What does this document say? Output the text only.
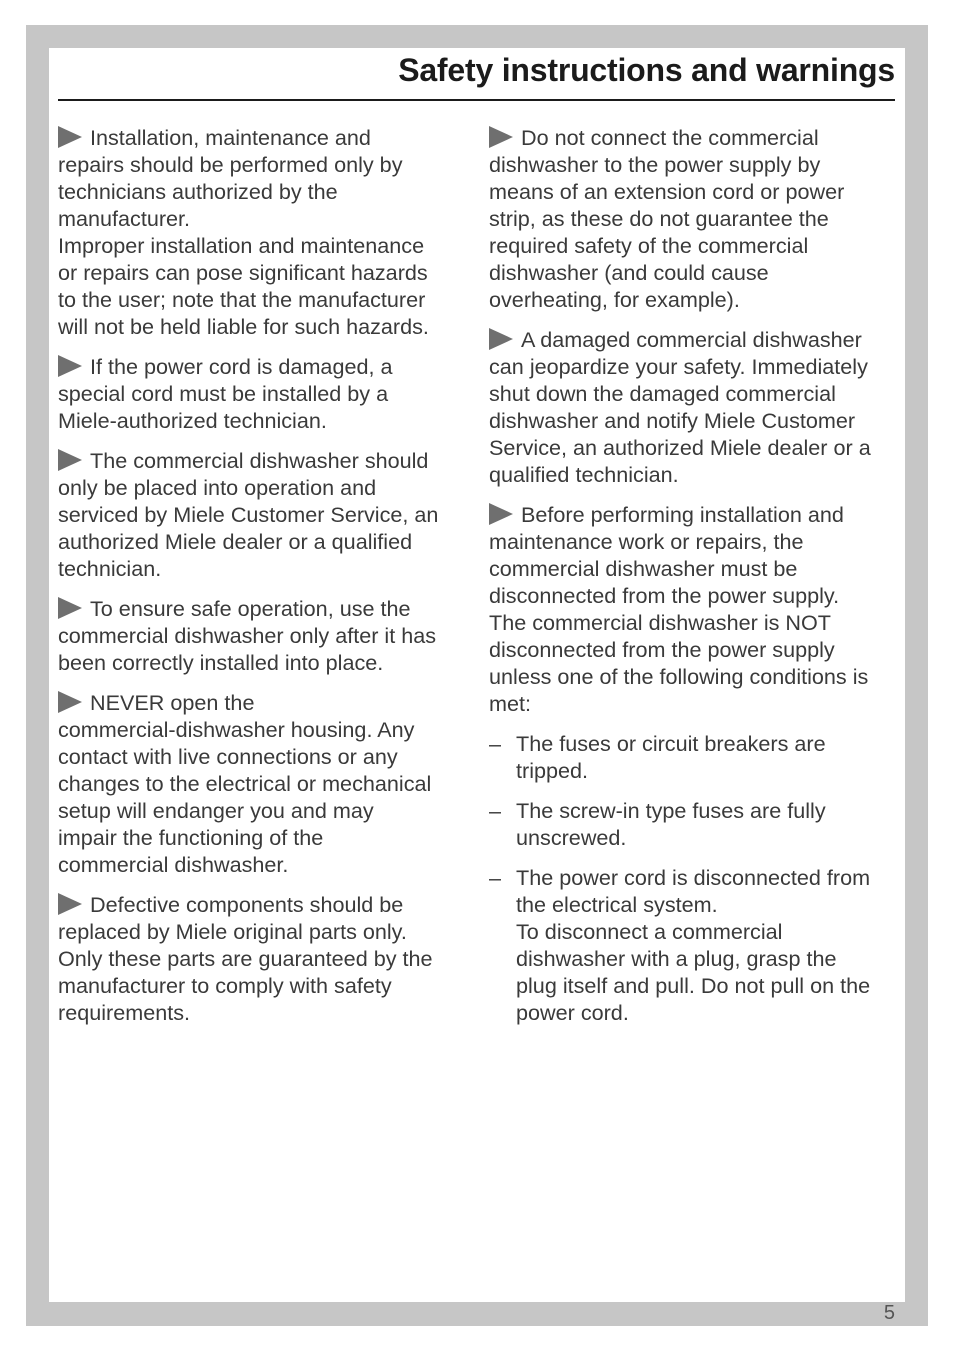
Safety instructions and warnings

Installation, maintenance and
repairs should be performed only by
technicians authorized by the
manufacturer.
Improper installation and maintenance
or repairs can pose significant hazards
to the user; note that the manufacturer
will not be held liable for such hazards.

If the power cord is damaged, a
special cord must be installed by a
Miele-authorized technician.

The commercial dishwasher should
only be placed into operation and
serviced by Miele Customer Service, an
authorized Miele dealer or a qualified
technician.

To ensure safe operation, use the
commercial dishwasher only after it has
been correctly installed into place.

NEVER open the
commercial-dishwasher housing. Any
contact with live connections or any
changes to the electrical or mechanical
setup will endanger you and may
impair the functioning of the
commercial dishwasher.

Defective components should be
replaced by Miele original parts only.
Only these parts are guaranteed by the
manufacturer to comply with safety
requirements.

Do not connect the commercial
dishwasher to the power supply by
means of an extension cord or power
strip, as these do not guarantee the
required safety of the commercial
dishwasher (and could cause
overheating, for example).

A damaged commercial dishwasher
can jeopardize your safety. Immediately
shut down the damaged commercial
dishwasher and notify Miele Customer
Service, an authorized Miele dealer or a
qualified technician.

Before performing installation and
maintenance work or repairs, the
commercial dishwasher must be
disconnected from the power supply.
The commercial dishwasher is NOT
disconnected from the power supply
unless one of the following conditions is
met:

– The fuses or circuit breakers are
tripped.
– The screw-in type fuses are fully
unscrewed.
– The power cord is disconnected from
the electrical system.
To disconnect a commercial
dishwasher with a plug, grasp the
plug itself and pull. Do not pull on the
power cord.
5
